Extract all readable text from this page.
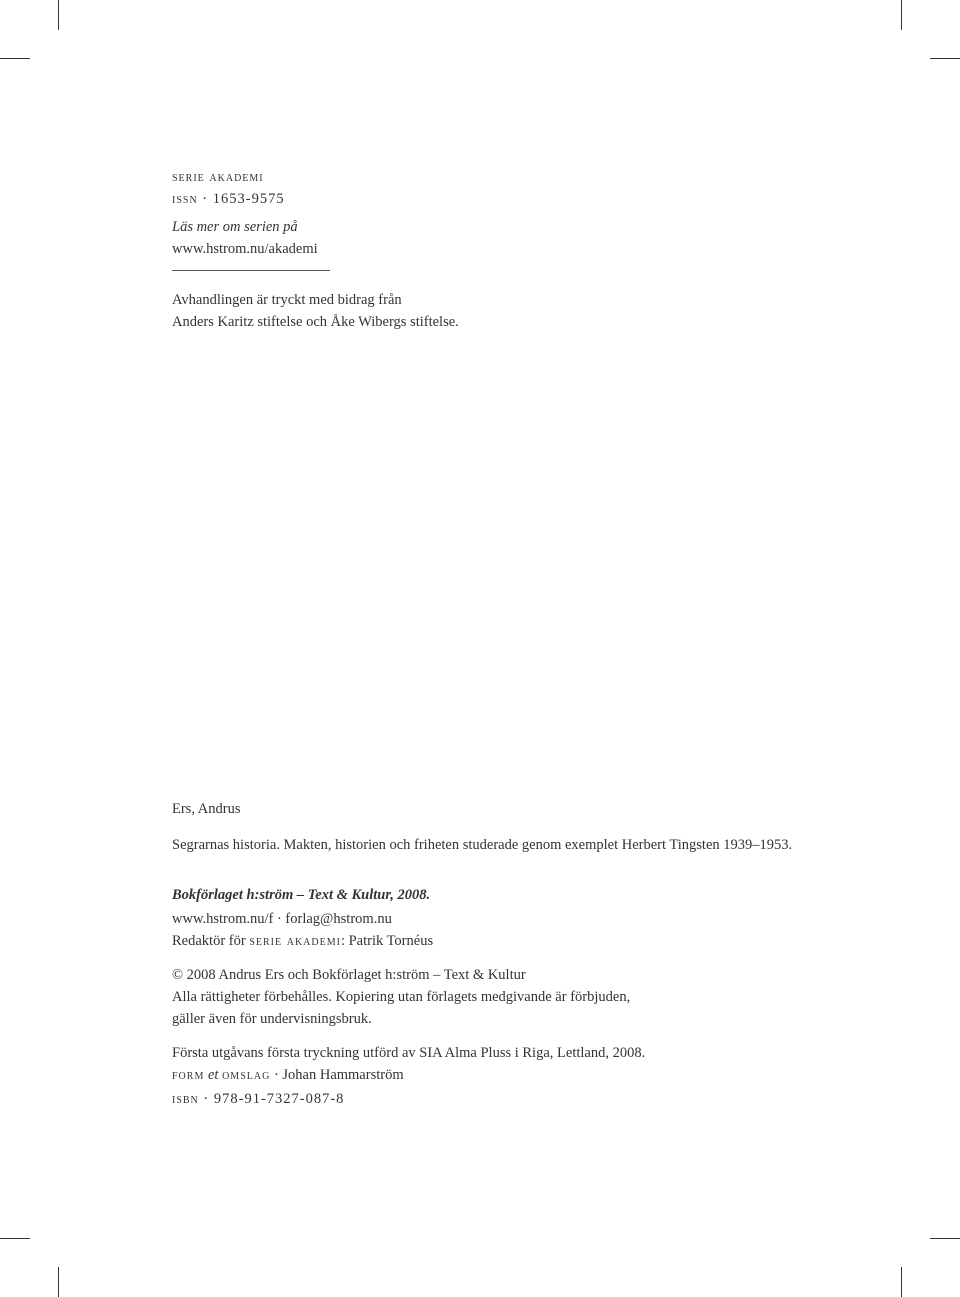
serie akademi
issn · 1653-9575
Läs mer om serien på
www.hstrom.nu/akademi
Avhandlingen är tryckt med bidrag från
Anders Karitz stiftelse och Åke Wibergs stiftelse.
Ers, Andrus
Segrarnas historia. Makten, historien och friheten studerade genom exemplet Herbert Tingsten 1939–1953.
Bokförlaget h:ström – Text & Kultur, 2008.
www.hstrom.nu/f · forlag@hstrom.nu
Redaktör för serie akademi: Patrik Tornéus
© 2008 Andrus Ers och Bokförlaget h:ström – Text & Kultur
Alla rättigheter förbehålles. Kopiering utan förlagets medgivande är förbjuden,
gäller även för undervisningsbruk.
Första utgåvans första tryckning utförd av SIA Alma Pluss i Riga, Lettland, 2008.
form et omslag · Johan Hammarström
isbn · 978-91-7327-087-8
